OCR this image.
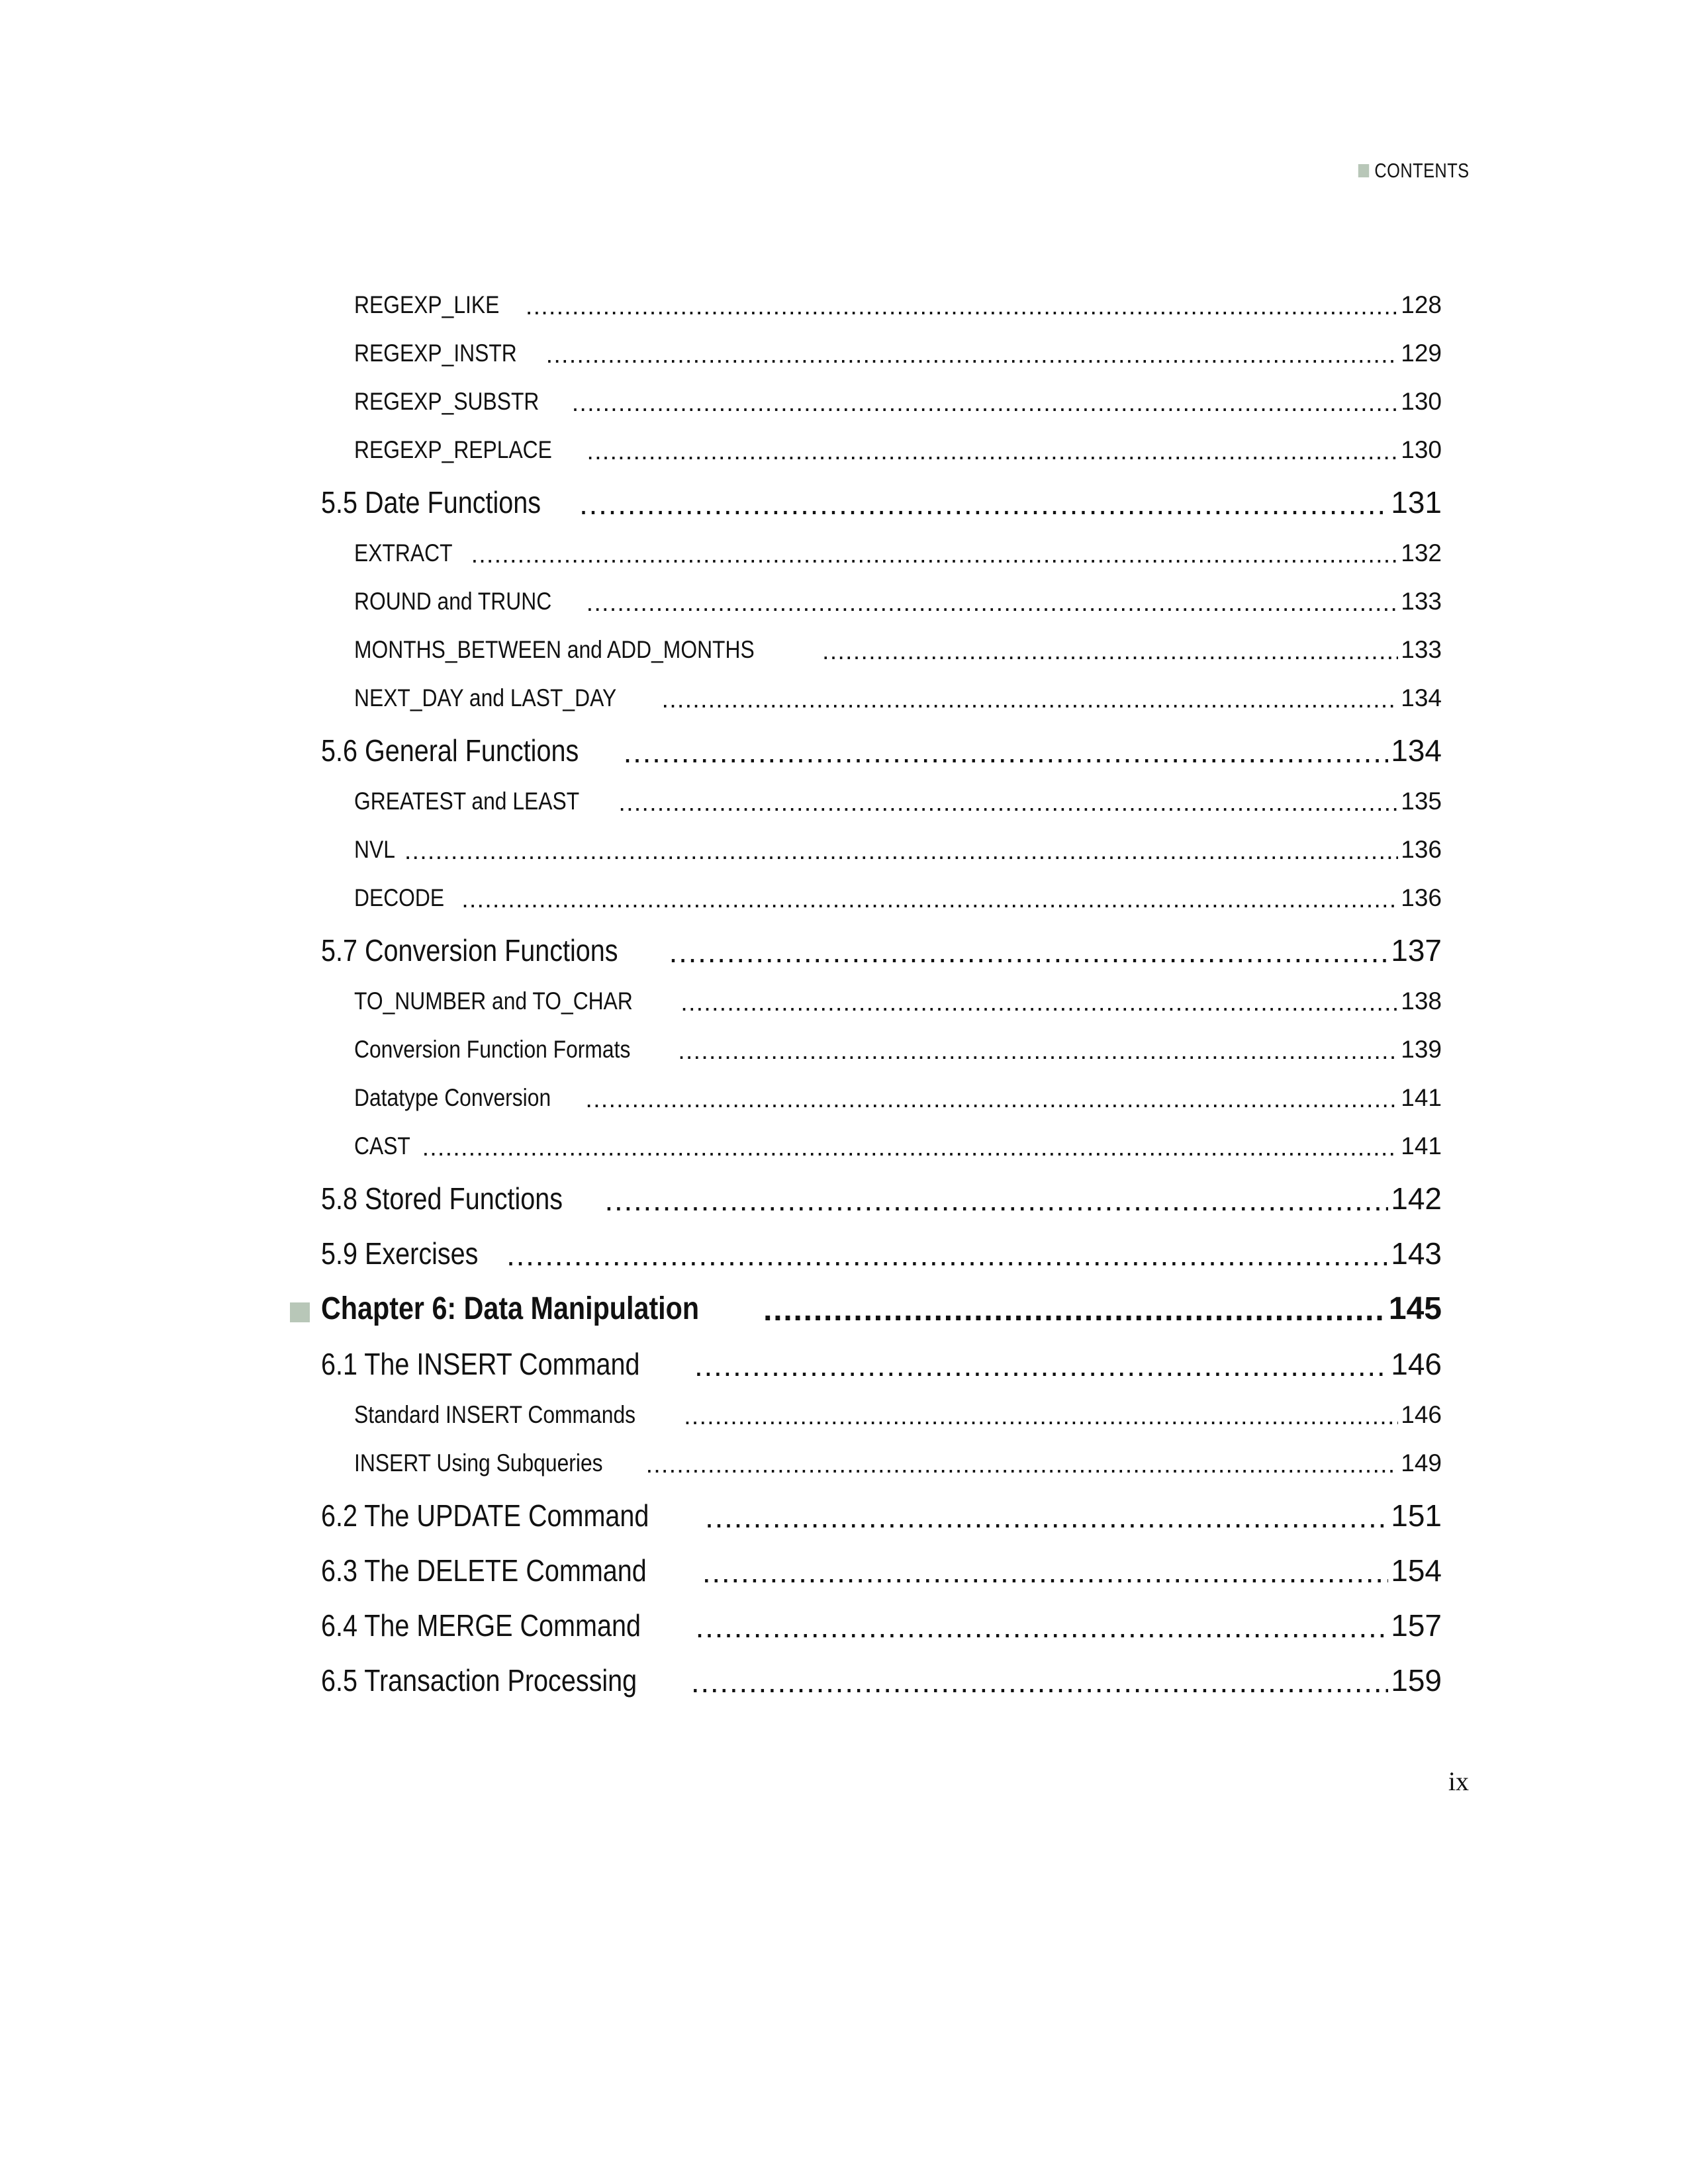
CONTENTS
REGEXP_LIKE . . .	128
REGEXP_INSTR . . .	129
REGEXP_SUBSTR . . .	130
REGEXP_REPLACE . . .	130
5.5 Date Functions . . .	131
EXTRACT . . .	132
ROUND and TRUNC . . .	133
MONTHS_BETWEEN and ADD_MONTHS . . .	133
NEXT_DAY and LAST_DAY . . .	134
5.6 General Functions . . .	134
GREATEST and LEAST . . .	135
NVL . . .	136
DECODE . . .	136
5.7 Conversion Functions . . .	137
TO_NUMBER and TO_CHAR . . .	138
Conversion Function Formats . . .	139
Datatype Conversion . . .	141
CAST . . .	141
5.8 Stored Functions . . .	142
5.9 Exercises . . .	143
Chapter 6: Data Manipulation . . .	145
6.1 The INSERT Command . . .	146
Standard INSERT Commands . . .	146
INSERT Using Subqueries . . .	149
6.2 The UPDATE Command . . .	151
6.3 The DELETE Command . . .	154
6.4 The MERGE Command . . .	157
6.5 Transaction Processing . . .	159
ix
